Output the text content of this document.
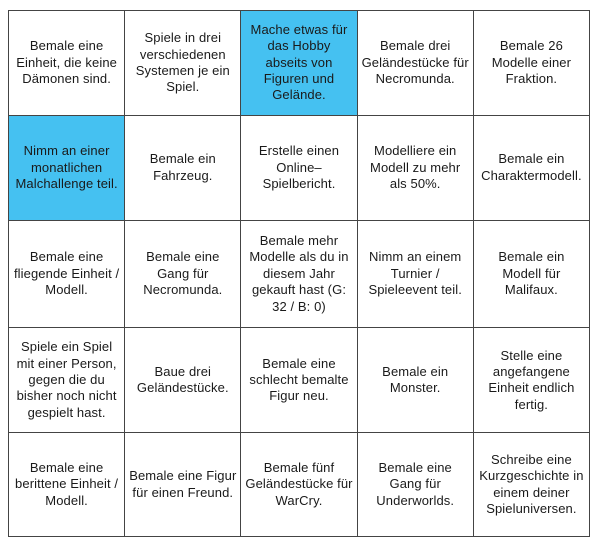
Bemale eine Einheit, die keine Dämonen sind.
Spiele in drei verschiedenen Systemen je ein Spiel.
Mache etwas für das Hobby abseits von Figuren und Gelände.
Bemale drei Geländestücke für Necromunda.
Bemale 26 Modelle einer Fraktion.
Nimm an einer monatlichen Malchallenge teil.
Bemale ein Fahrzeug.
Erstelle einen Online–Spielbericht.
Modelliere ein Modell zu mehr als 50%.
Bemale ein Charaktermodell.
Bemale eine fliegende Einheit / Modell.
Bemale eine Gang für Necromunda.
Bemale mehr Modelle als du in diesem Jahr gekauft hast (G: 32 / B: 0)
Nimm an einem Turnier / Spieleevent teil.
Bemale ein Modell für Malifaux.
Spiele ein Spiel mit einer Person, gegen die du bisher noch nicht gespielt hast.
Baue drei Geländestücke.
Bemale eine schlecht bemalte Figur neu.
Bemale ein Monster.
Stelle eine angefangene Einheit endlich fertig.
Bemale eine berittene Einheit / Modell.
Bemale eine Figur für einen Freund.
Bemale fünf Geländestücke für WarCry.
Bemale eine Gang für Underworlds.
Schreibe eine Kurzgeschichte in einem deiner Spieluniversen.
